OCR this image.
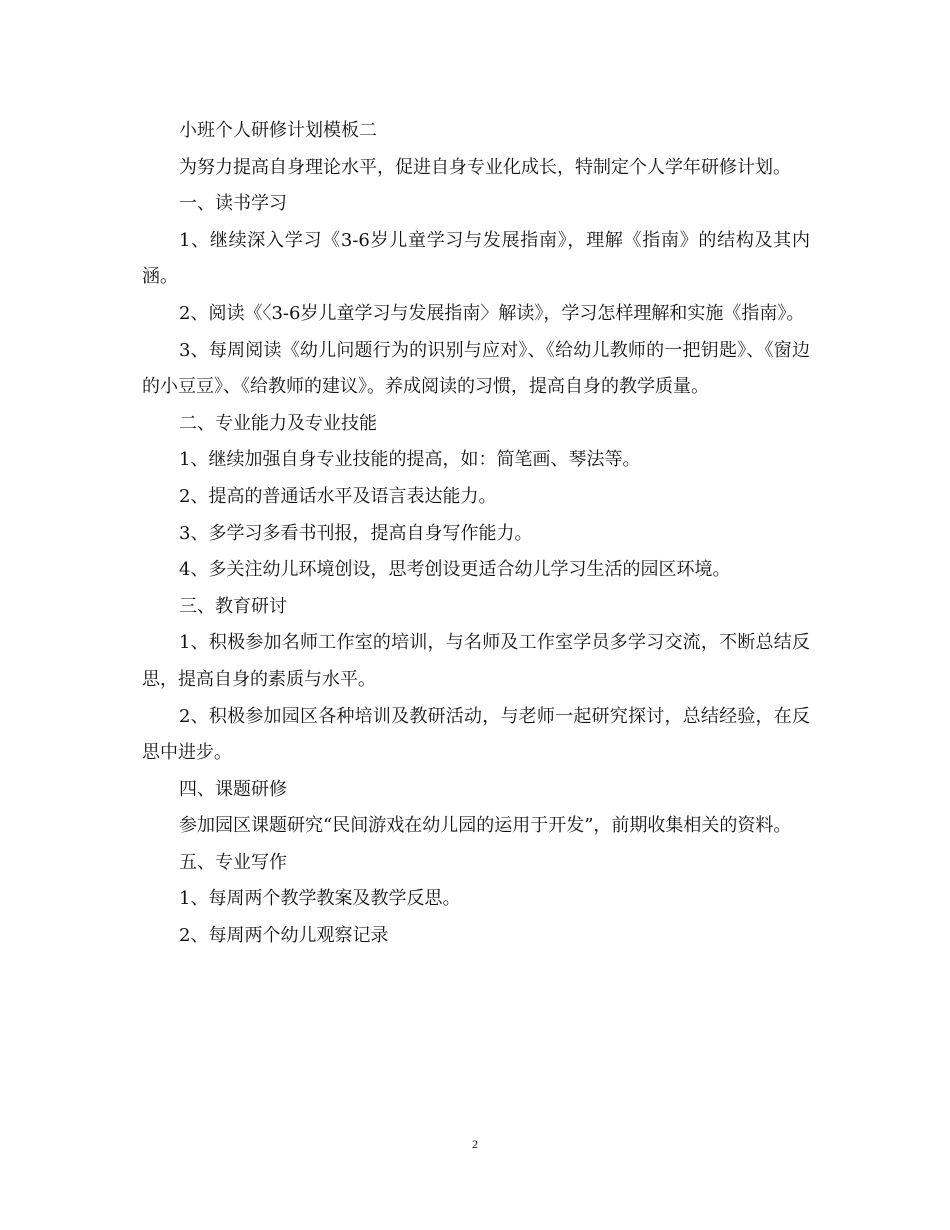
小班个人研修计划模板二

为努力提高自身理论水平，促进自身专业化成长，特制定个人学年研修计划。

一、读书学习

1、继续深入学习《3-6岁儿童学习与发展指南》，理解《指南》的结构及其内涵。

2、阅读《〈3-6岁儿童学习与发展指南〉解读》，学习怎样理解和实施《指南》。

3、每周阅读《幼儿问题行为的识别与应对》、《给幼儿教师的一把钥匙》、《窗边的小豆豆》、《给教师的建议》。养成阅读的习惯，提高自身的教学质量。

二、专业能力及专业技能

1、继续加强自身专业技能的提高，如：简笔画、琴法等。

2、提高的普通话水平及语言表达能力。

3、多学习多看书刊报，提高自身写作能力。

4、多关注幼儿环境创设，思考创设更适合幼儿学习生活的园区环境。

三、教育研讨

1、积极参加名师工作室的培训，与名师及工作室学员多学习交流，不断总结反思，提高自身的素质与水平。

2、积极参加园区各种培训及教研活动，与老师一起研究探讨，总结经验，在反思中进步。

四、课题研修

参加园区课题研究“民间游戏在幼儿园的运用于开发”，前期收集相关的资料。

五、专业写作

1、每周两个教学教案及教学反思。

2、每周两个幼儿观察记录

2
